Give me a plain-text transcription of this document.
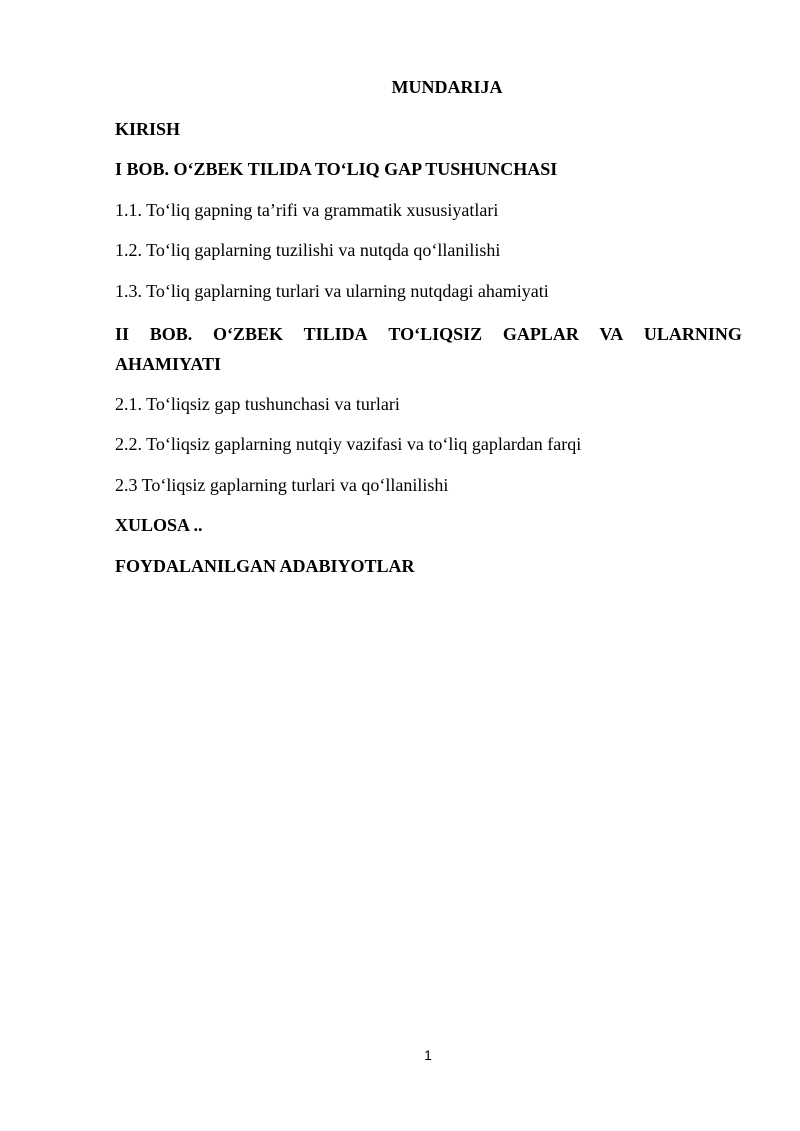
MUNDARIJA
KIRISH
I BOB. O‘ZBEK TILIDA TO‘LIQ GAP TUSHUNCHASI
1.1. To‘liq gapning ta’rifi va grammatik xususiyatlari
1.2. To‘liq gaplarning tuzilishi va nutqda qo‘llanilishi
1.3. To‘liq gaplarning turlari va ularning nutqdagi ahamiyati
II BOB. O‘ZBEK TILIDA TO‘LIQSIZ GAPLAR VA ULARNING
AHAMIYATI
2.1. To‘liqsiz gap tushunchasi va turlari
2.2. To‘liqsiz gaplarning nutqiy vazifasi va to‘liq gaplardan farqi
2.3 To‘liqsiz gaplarning turlari va qo‘llanilishi
XULOSA ..
FOYDALANILGAN ADABIYOTLAR
1
